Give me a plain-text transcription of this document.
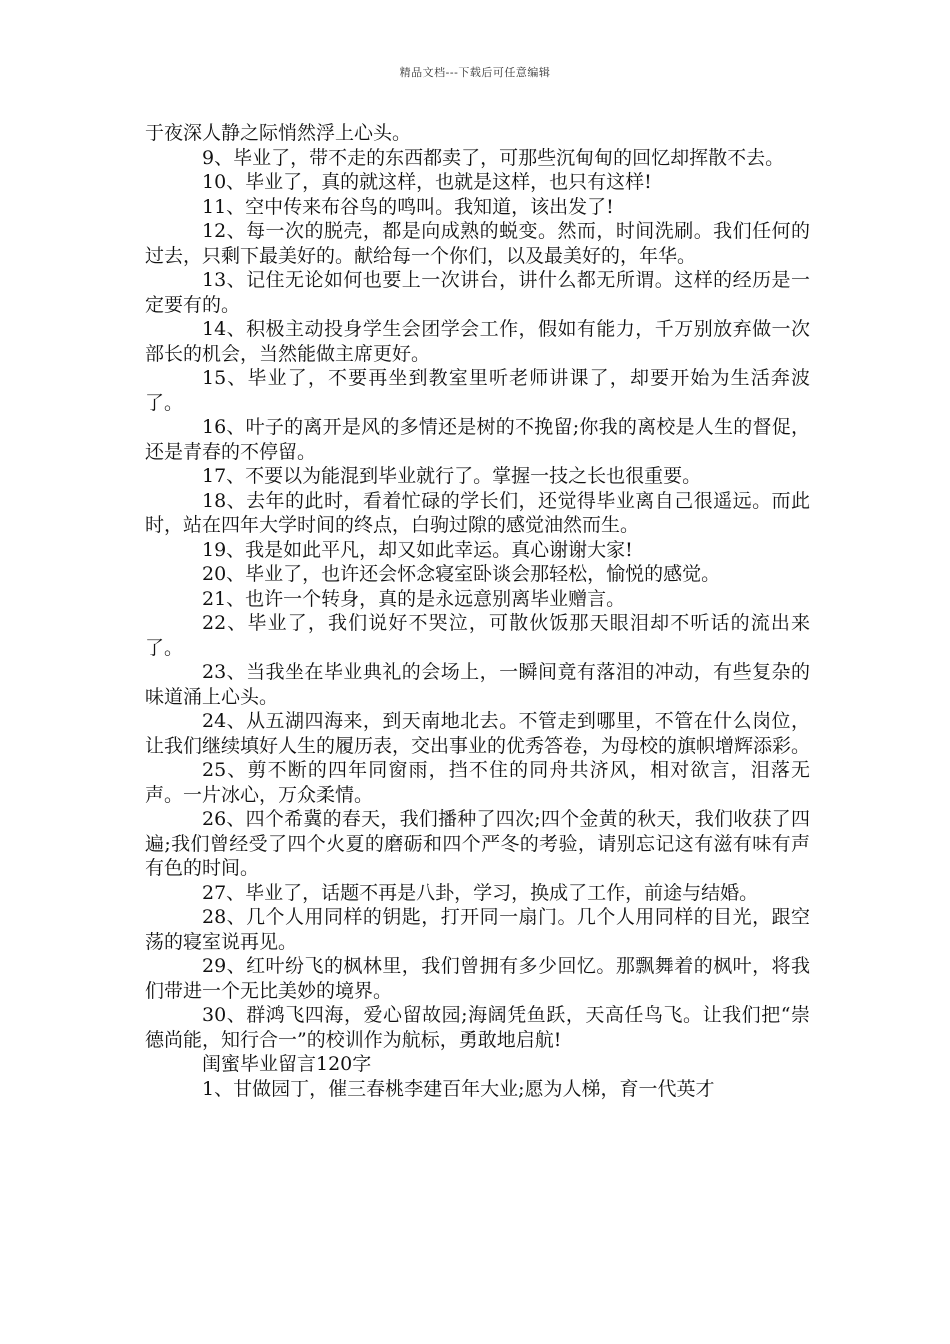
精品文档---下载后可任意编辑

于夜深人静之际悄然浮上心头。

9、毕业了，带不走的东西都卖了，可那些沉甸甸的回忆却挥散不去。

10、毕业了，真的就这样，也就是这样，也只有这样!

11、空中传来布谷鸟的鸣叫。我知道，该出发了!

12、每一次的脱壳，都是向成熟的蜕变。然而，时间洗刷。我们任何的过去，只剩下最美好的。献给每一个你们，以及最美好的，年华。

13、记住无论如何也要上一次讲台，讲什么都无所谓。这样的经历是一定要有的。

14、积极主动投身学生会团学会工作，假如有能力，千万别放弃做一次部长的机会，当然能做主席更好。

15、毕业了，不要再坐到教室里听老师讲课了，却要开始为生活奔波了。

16、叶子的离开是风的多情还是树的不挽留;你我的离校是人生的督促，还是青春的不停留。

17、不要以为能混到毕业就行了。掌握一技之长也很重要。

18、去年的此时，看着忙碌的学长们，还觉得毕业离自己很遥远。而此时，站在四年大学时间的终点，白驹过隙的感觉油然而生。

19、我是如此平凡，却又如此幸运。真心谢谢大家!

20、毕业了，也许还会怀念寝室卧谈会那轻松，愉悦的感觉。

21、也许一个转身，真的是永远意别离毕业赠言。

22、毕业了，我们说好不哭泣，可散伙饭那天眼泪却不听话的流出来了。

23、当我坐在毕业典礼的会场上，一瞬间竟有落泪的冲动，有些复杂的味道涌上心头。

24、从五湖四海来，到天南地北去。不管走到哪里，不管在什么岗位，让我们继续填好人生的履历表，交出事业的优秀答卷，为母校的旗帜增辉添彩。

25、剪不断的四年同窗雨，挡不住的同舟共济风，相对欲言，泪落无声。一片冰心，万众柔情。

26、四个希冀的春天，我们播种了四次;四个金黄的秋天，我们收获了四遍;我们曾经受了四个火夏的磨砺和四个严冬的考验，请别忘记这有滋有味有声有色的时间。

27、毕业了，话题不再是八卦，学习，换成了工作，前途与结婚。

28、几个人用同样的钥匙，打开同一扇门。几个人用同样的目光，跟空荡的寝室说再见。

29、红叶纷飞的枫林里，我们曾拥有多少回忆。那飘舞着的枫叶，将我们带进一个无比美妙的境界。

30、群鸿飞四海，爱心留故园;海阔凭鱼跃，天高任鸟飞。让我们把“崇德尚能，知行合一”的校训作为航标，勇敢地启航!

闺蜜毕业留言120字

1、甘做园丁，催三春桃李建百年大业;愿为人梯，育一代英才
